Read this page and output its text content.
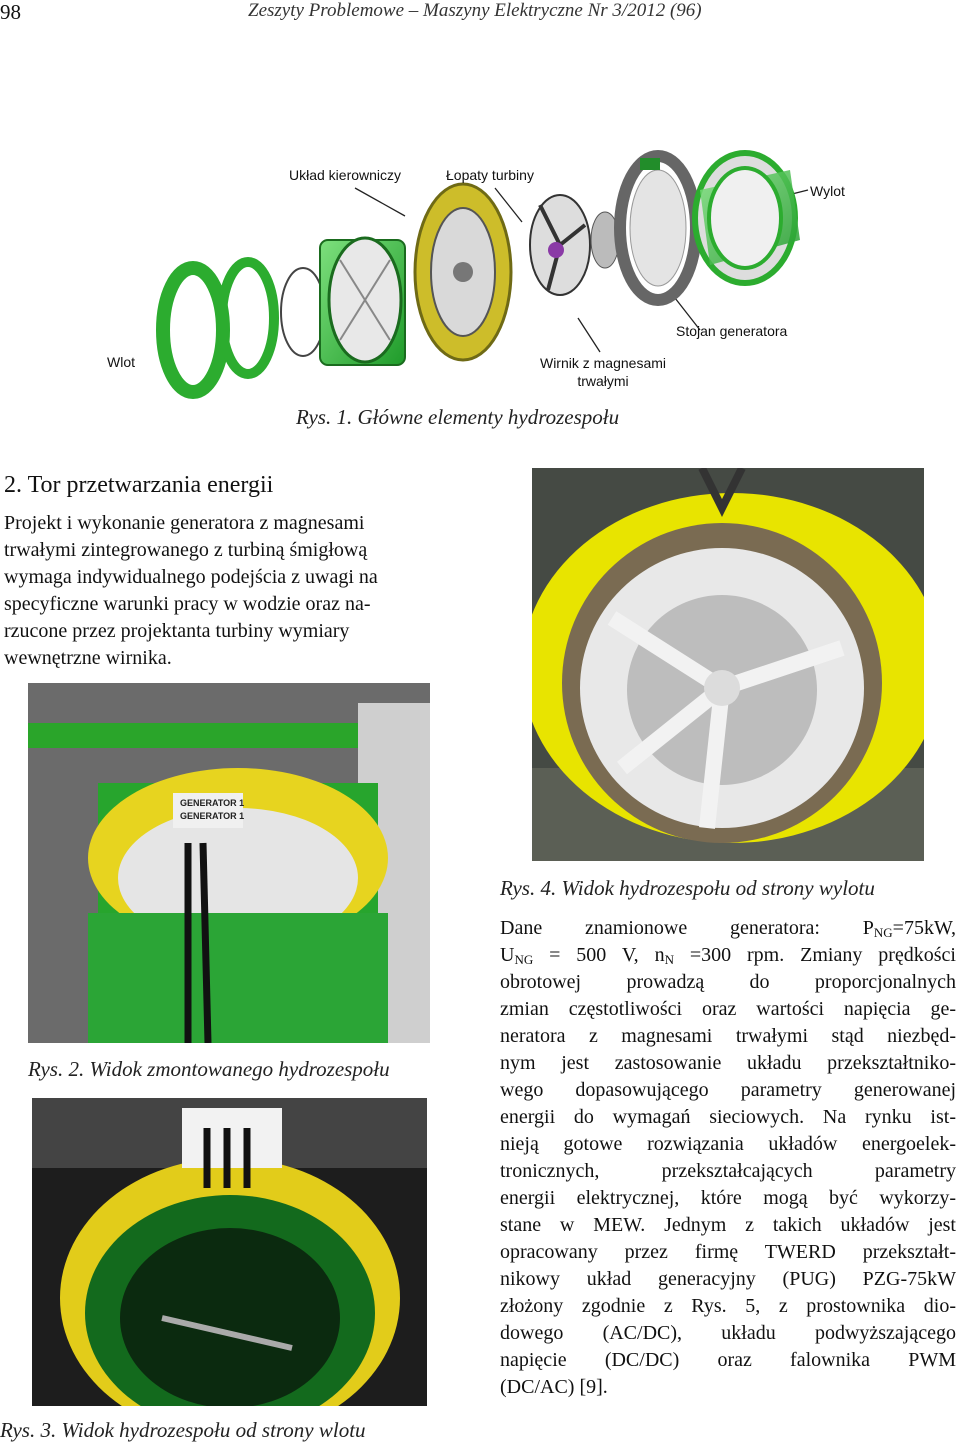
98	Zeszyty Problemowe – Maszyny Elektryczne Nr 3/2012 (96)
Układ kierowniczy	Łopaty turbiny
Wylot
Stojan generatora
Wlot	Wirnik z magnesami
trwałymi
Rys. 1. Główne elementy hydrozespołu
2. Tor przetwarzania energii
Projekt i wykonanie generatora z magnesami
trwałymi zintegrowanego z turbiną śmigłową
wymaga indywidualnego podejścia z uwagi na
specyficzne warunki pracy w wodzie oraz na-
rzucone przez projektanta turbiny wymiary
wewnętrzne wirnika.
GENERATOR 1
GENERATOR 1
Rys. 2. Widok zmontowanego hydrozespołu
Rys. 3. Widok hydrozespołu od strony wlotu
Rys. 4. Widok hydrozespołu od strony wylotu
Dane znamionowe generatora: $P_{NG}=75kW$,
$U_{NG} = 500$ V, $n_N =300$ rpm. Zmiany prędkości
obrotowej prowadzą do proporcjonalnych
zmian częstotliwości oraz wartości napięcia ge-
neratora z magnesami trwałymi stąd niezbęd-
nym jest zastosowanie układu przekształtniko-
wego dopasowującego parametry generowanej
energii do wymagań sieciowych. Na rynku ist-
nieją gotowe rozwiązania układów energoelek-
tronicznych, przekształcających parametry
energii elektrycznej, które mogą być wykorzy-
stane w MEW. Jednym z takich układów jest
opracowany przez firmę TWERD przekształt-
nikowy układ generacyjny (PUG) PZG-75kW
złożony zgodnie z Rys. 5, z prostownika dio-
dowego (AC/DC), układu podwyższającego
napięcie (DC/DC) oraz falownika PWM
(DC/AC) [9].
